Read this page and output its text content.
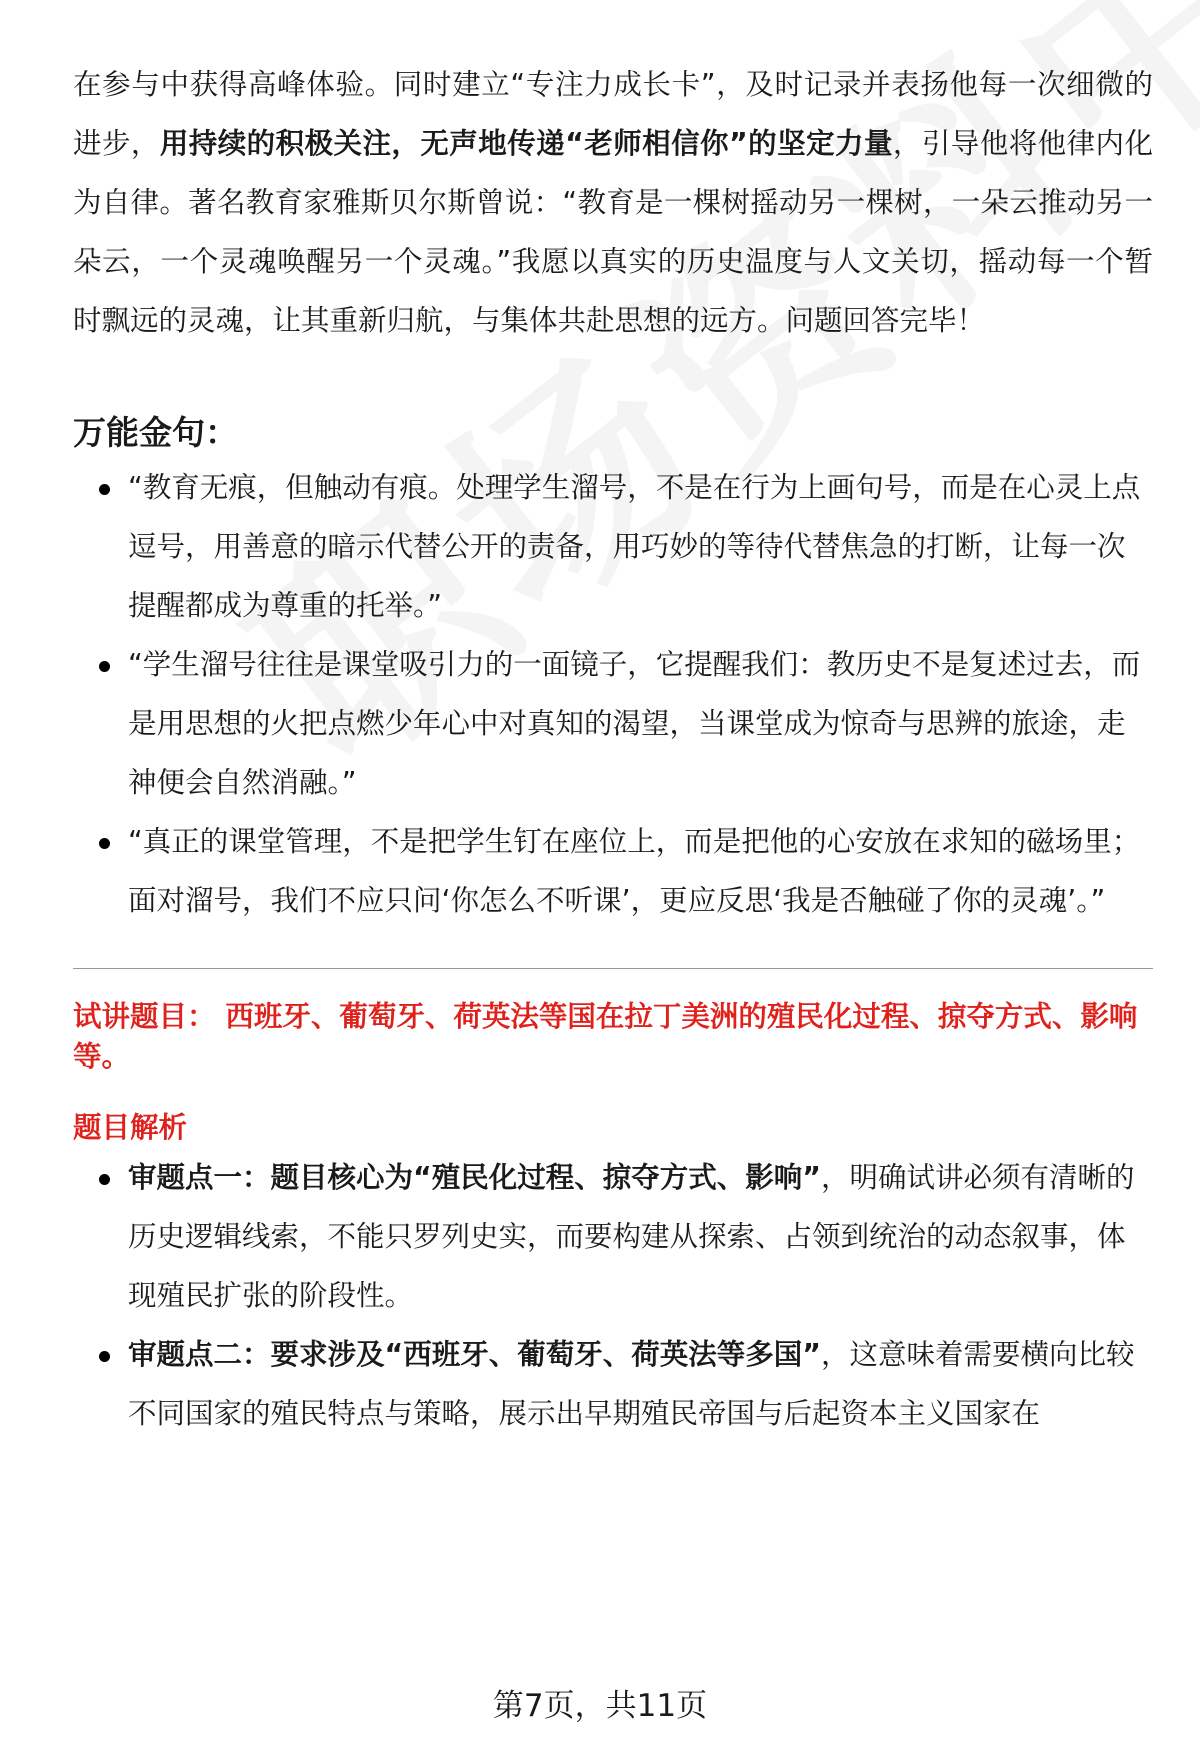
在参与中获得高峰体验。同时建立“专注力成长卡”，及时记录并表扬他每一次细微的进步，用持续的积极关注，无声地传递“老师相信你”的坚定力量，引导他将他律内化为自律。著名教育家雅斯贝尔斯曾说：“教育是一棵树摇动另一棵树，一朵云推动另一朵云，一个灵魂唤醒另一个灵魂。”我愿以真实的历史温度与人文关切，摇动每一个暂时飘远的灵魂，让其重新归航，与集体共赴思想的远方。问题回答完毕！

万能金句：
“教育无痕，但触动有痕。处理学生溜号，不是在行为上画句号，而是在心灵上点逗号，用善意的暗示代替公开的责备，用巧妙的等待代替焦急的打断，让每一次提醒都成为尊重的托举。”
“学生溜号往往是课堂吸引力的一面镜子，它提醒我们：教历史不是复述过去，而是用思想的火把点燃少年心中对真知的渴望，当课堂成为惊奇与思辨的旅途，走神便会自然消融。”
“真正的课堂管理，不是把学生钉在座位上，而是把他的心安放在求知的磁场里；面对溜号，我们不应只问‘你怎么不听课’，更应反思‘我是否触碰了你的灵魂’。”
试讲题目： 西班牙、葡萄牙、荷英法等国在拉丁美洲的殖民化过程、掠夺方式、影响等。
题目解析
审题点一：题目核心为“殖民化过程、掠夺方式、影响”，明确试讲必须有清晰的历史逻辑线索，不能只罗列史实，而要构建从探索、占领到统治的动态叙事，体现殖民扩张的阶段性。
审题点二：要求涉及“西班牙、葡萄牙、荷英法等多国”，这意味着需要横向比较不同国家的殖民特点与策略，展示出早期殖民帝国与后起资本主义国家在
第7页，共11页
